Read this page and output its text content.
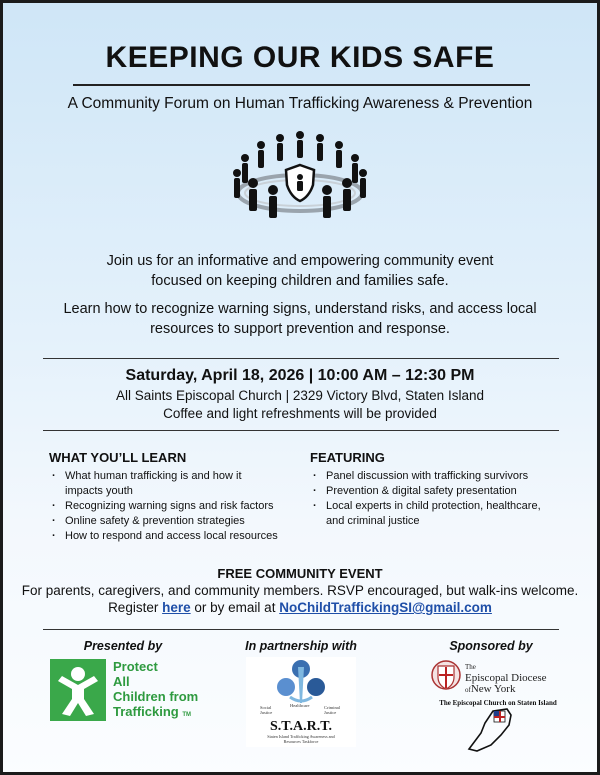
KEEPING OUR KIDS SAFE
A Community Forum on Human Trafficking Awareness & Prevention
Join us for an informative and empowering community event
focused on keeping children and families safe.
Learn how to recognize warning signs, understand risks, and access local
resources to support prevention and response.
Saturday, April 18, 2026 | 10:00 AM – 12:30 PM
All Saints Episcopal Church | 2329 Victory Blvd, Staten Island
Coffee and light refreshments will be provided
WHAT YOU’LL LEARN
· What human trafficking is and how it
impacts youth
· Recognizing warning signs and risk factors
· Online safety & prevention strategies
· How to respond and access local resources
FEATURING
· Panel discussion with trafficking survivors
· Prevention & digital safety presentation
· Local experts in child protection, healthcare,
and criminal justice
FREE COMMUNITY EVENT
For parents, caregivers, and community members. RSVP encouraged, but walk-ins welcome.
Register here or by email at NoChildTraffickingSI@gmail.com
Presented by	In partnership with	Sponsored by
Protect
All
Children from
Trafficking TM
Social
Justice
Healthcare	Criminal
Justice
S.T.A.R.T.
Staten Island Trafficking Awareness and
Resources Taskforce
The
Episcopal Diocese
ofNew York
The Episcopal Church on Staten Island
